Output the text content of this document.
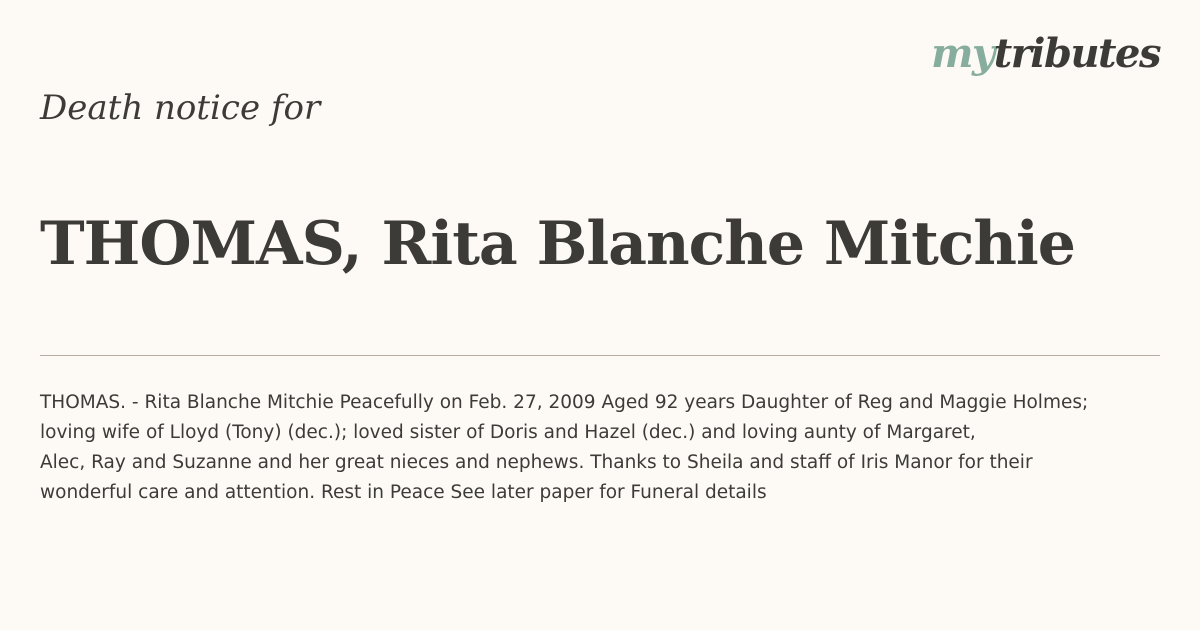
mytributes
Death notice for
THOMAS, Rita Blanche Mitchie

THOMAS. - Rita Blanche Mitchie Peacefully on Feb. 27, 2009 Aged 92 years Daughter of Reg and Maggie Holmes;
loving wife of Lloyd (Tony) (dec.); loved sister of Doris and Hazel (dec.) and loving aunty of Margaret,
Alec, Ray and Suzanne and her great nieces and nephews. Thanks to Sheila and staff of Iris Manor for their
wonderful care and attention. Rest in Peace See later paper for Funeral details
